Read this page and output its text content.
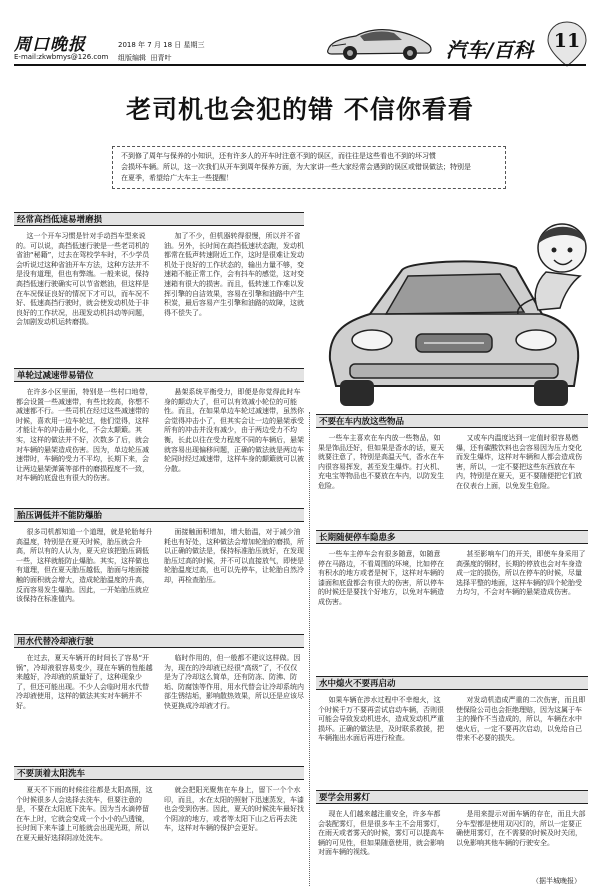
周口晚报
E-mail:zkwbmys@126.com
2018 年 7 月 18 日 星期三
组版编辑 田青叶	汽车/百科	11
老司机也会犯的错 不信你看看
不到修了周年与保养的小知识，还有许多人的开车时注意不到的误区，而往往是这些看也不到的坏习惯
会损坏车辆。所以，这一次我们从开车到周年保养方面，为大家讲一些大家经常会遇到的误区或错误做法；特别是
在夏季，希望给广大车主一些提醒！
经常高挡低速易增磨损

这一个开车习惯是针对手动挡车型来说的。可以说，高挡低速行驶是一些老司机的省油“秘籍”，过去在驾校学车时，不少学员会听说过这种省油开车方法，这种方法并不是没有道理，但也有弊端。一般来说，保持高挡低速行驶确实可以节省燃油，但这样是在车况保证良好的情况下才可以，而车况不好、低速高挡行驶时，就会使发动机处于非良好的工作状况，出现发动机抖动等问题，会加剧发动机运转磨损。

加了不少，但机器转得很慢，所以并不省油。另外，长时间在高挡低速状态跑，发动机都常在低声转速附近工作，这时是很难让发动机处于良好的工作状态的，输出力量不够，变速箱不能正常工作，会有抖车的感觉，这对变速箱有很大的损害。而且，低转速工作难以发挥引擎的自洁效果，容易在引擎和油路中产生积炭，最后容易产生引擎和油路的故障，这就得不偿失了。

单轮过减速带易错位

在许多小区里面，特别是一些村口地带，都会设置一些减速带，有些比较高，你想不减速都不行。一些司机在经过这些减速带的时候，喜欢用一边车轮过，他们觉得，这样才能让车的冲击最小化，不会太颠簸。其实，这样的做法并不好，次数多了后，就会对车辆的悬架造成伤害。因为，单边轮压减速带时，车辆的受力不平均，长期下来，会让两边悬架弹簧等部件的磨损程度不一致，对车辆的底盘也有很大的伤害。

悬架系统平衡受力，即便是你觉得此时车身的颠动大了，但可以有效减小轮位的可能性。而且，在如果单边车轮过减速带，虽然你会觉得冲击小了，但其实会让一边的悬架承受所有的冲击并没有减少，由于两边受力不均衡，长此以往在受力程度不同的车辆后，悬架就容易出现偏移问题，正确的做法就是两边车轮同时经过减速带，这样车身的颠簸就可以被分散。

胎压调低并不能防爆胎

很多司机都知道一个道理，就是轮胎每升高温度，特别是在夏天时候，胎压就会升高，所以有的人认为，夏天应该把胎压调低一些，这样就能防止爆胎。其实，这样做也有道理，但在夏天胎压越低，胎面与地面接触的面积就会增大，造成轮胎温度的升高，反而容易发生爆胎。因此，一开始胎压就应该保持在标准值内。

面接触面积增加，增大胎温，对于减少油耗也有好处，这种做法会增加轮胎的磨损，所以正确的做法是，保持标准胎压就好，在发现胎压过高的时候，并不可以直接放气，即使是轮胎温度过高，也可以先停车，让轮胎自然冷却，再检查胎压。

用水代替冷却液行驶

在过去，夏天车辆开的时间长了容易“开锅”，冷却液很容易变少，现在车辆的性能越来越好，冷却液的质量好了，这种现象少了，但还可能出现。不少人会临时用水代替冷却液使用，这样的做法其实对车辆并不好。

临时作用的，但一般都不建议这样做。因为，现在的冷却液已经很“高级”了，不仅仅是为了冷却这么简单，还有防冻、防沸、防垢、防腐蚀等作用，用水代替会让冷却系统内部生锈结垢，影响散热效果，所以还是应该尽快更换成冷却液才行。

不要顶着太阳洗车

夏天不下雨的时候往往都是太阳高照，这个时候很多人会选择去洗车，但要注意的是，不要在太阳底下洗车。因为当水滴停留在车上时，它就会变成一个小小的凸透镜，长时间下来车漆上可能就会出现光斑，所以在夏天最好选择阴凉处洗车。

就会把阳光聚焦在车身上，留下一个个水印，而且，水在太阳的照射下迅速蒸发，车漆也会受到伤害。因此，夏天的时候洗车最好找个阴凉的地方，或者等太阳下山之后再去洗车，这样对车辆的保护会更好。

不要在车内放这些物品

一些车主喜欢在车内放一些物品，如果是饰品还好，但如果是香水的话，夏天就要注意了，特别是高温天气，香水在车内很容易挥发，甚至发生爆炸。打火机、充电宝等物品也不要放在车内，以防发生危险。

又或车内温度达到一定值时很容易燃爆，还有碳酸饮料也会容易因为压力变化而发生爆炸，这样对车辆和人都会造成伤害，所以，一定不要把这些东西放在车内，特别是在夏天，更不要随便把它们放在仪表台上面，以免发生危险。

长期随便停车隐患多

一些车主停车会有很多随意，如随意停在马路边，不看周围的环境，比如停在有积水的地方或者是树下，这样对车辆的漆面和底盘都会有很大的伤害，所以停车的时候还是要找个好地方，以免对车辆造成伤害。

甚至影响车门的开关，即使车身采用了高强度的钢材，长期的停放也会对车身造成一定的损伤，所以在停车的时候，尽量选择平整的地面，这样车辆的四个轮胎受力均匀，不会对车辆的悬架造成伤害。

水中熄火不要再启动

如果车辆在涉水过程中不幸熄火，这个时候千万不要再尝试启动车辆，否则很可能会导致发动机进水，造成发动机严重损坏。正确的做法是，及时联系救援，把车辆拖出水面后再进行检查。

对发动机造成严重的二次伤害，而且即使保险公司也会拒绝理赔，因为这属于车主的操作不当造成的，所以，车辆在水中熄火后，一定不要再次启动，以免给自己带来不必要的损失。

要学会用雾灯

现在人们越来越注重安全，许多车都会装配雾灯，但是很多车主不会用雾灯，在雨天或者雾天的时候，雾灯可以提高车辆的可见性，但如果随意使用，就会影响对面车辆的视线。

是用来提示对面车辆的存在，而且大部分车型都是使用双闪灯的，所以一定要正确使用雾灯，在不需要的时候及时关闭，以免影响其他车辆的行驶安全。

（据半城晚报）
